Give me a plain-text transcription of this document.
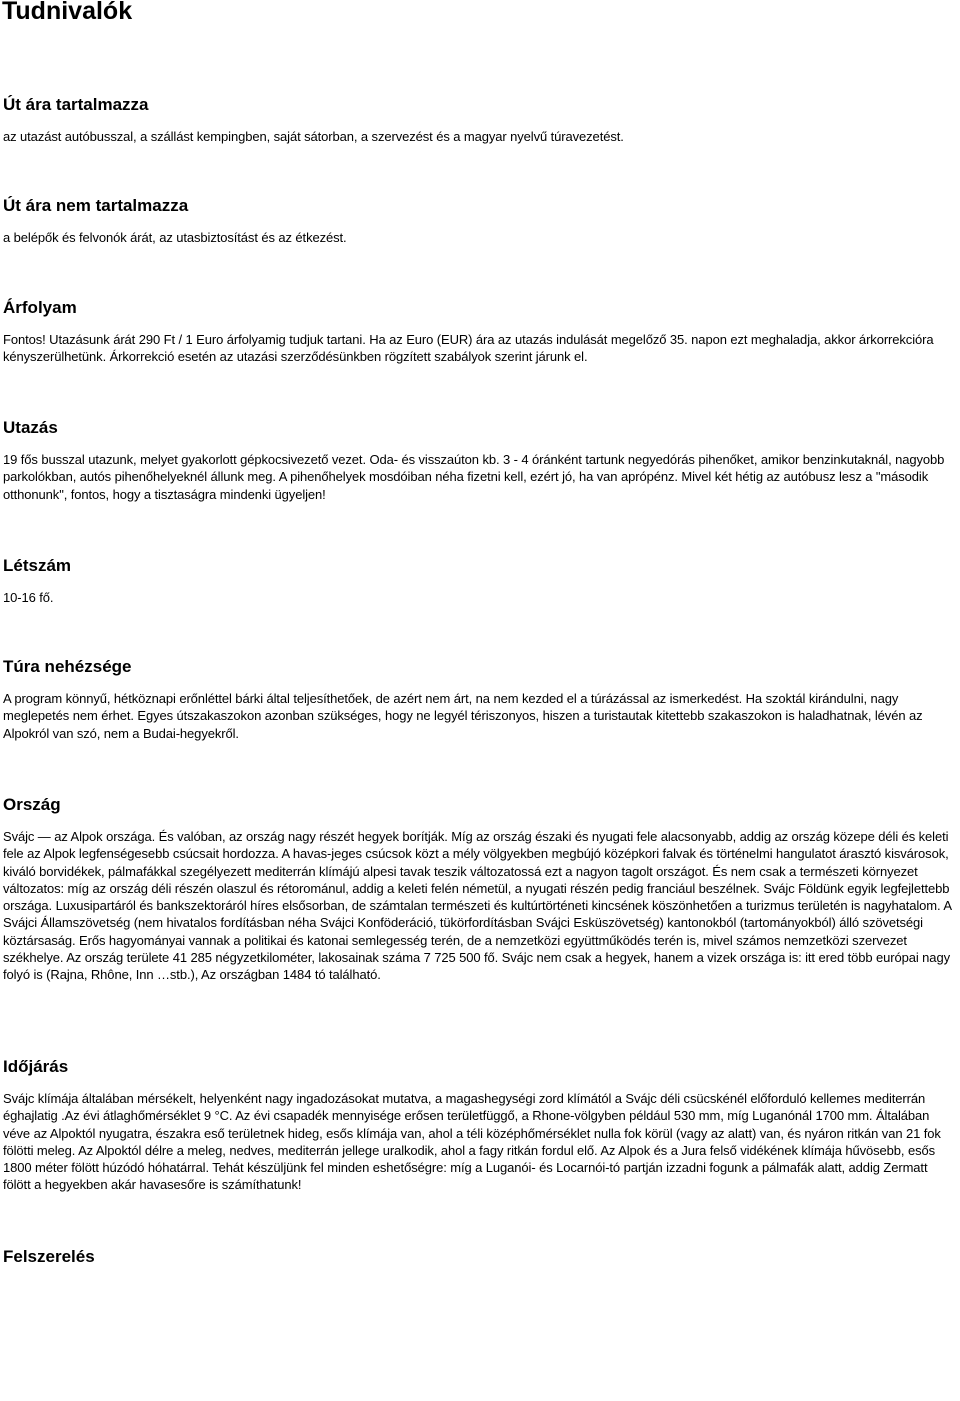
Tudnivalók
Út ára tartalmazza

az utazást autóbusszal, a szállást kempingben, saját sátorban, a szervezést és a magyar nyelvű túravezetést.

Út ára nem tartalmazza

a belépők és felvonók árát, az utasbiztosítást és az étkezést.

Árfolyam

Fontos! Utazásunk árát 290 Ft / 1 Euro árfolyamig tudjuk tartani. Ha az Euro (EUR) ára az utazás indulását megelőző 35. napon ezt meghaladja, akkor árkorrekcióra kényszerülhetünk. Árkorrekció esetén az utazási szerződésünkben rögzített szabályok szerint járunk el.

Utazás

19 fős busszal utazunk, melyet gyakorlott gépkocsivezető vezet. Oda- és visszaúton kb. 3 - 4 óránként tartunk negyedórás pihenőket, amikor benzinkutaknál, nagyobb parkolókban, autós pihenőhelyeknél állunk meg. A pihenőhelyek mosdóiban néha fizetni kell, ezért jó, ha van aprópénz. Mivel két hétig az autóbusz lesz a "második otthonunk", fontos, hogy a tisztaságra mindenki ügyeljen!

Létszám

10-16 fő.

Túra nehézsége

A program könnyű, hétköznapi erőnléttel bárki által teljesíthetőek, de azért nem árt, na nem kezded el a túrázással az ismerkedést. Ha szoktál kirándulni, nagy meglepetés nem érhet. Egyes útszakaszokon azonban szükséges, hogy ne legyél tériszonyos, hiszen a turistautak kitettebb szakaszokon is haladhatnak, lévén az Alpokról van szó, nem a Budai-hegyekről.

Ország

Svájc — az Alpok országa. És valóban, az ország nagy részét hegyek borítják. Míg az ország északi és nyugati fele alacsonyabb, addig az ország közepe déli és keleti fele az Alpok legfenségesebb csúcsait hordozza. A havas-jeges csúcsok közt a mély völgyekben megbújó középkori falvak és történelmi hangulatot árasztó kisvárosok, kiváló borvidékek, pálmafákkal szegélyezett mediterrán klímájú alpesi tavak teszik változatossá ezt a nagyon tagolt országot. És nem csak a természeti környezet változatos: míg az ország déli részén olaszul és rétorománul, addig a keleti felén németül, a nyugati részén pedig franciául beszélnek. Svájc Földünk egyik legfejlettebb országa. Luxusipartáról és bankszektoráról híres elsősorban, de számtalan természeti és kultúrtörténeti kincsének köszönhetően a turizmus területén is nagyhatalom. A Svájci Államszövetség (nem hivatalos fordításban néha Svájci Konföderáció, tükörfordításban Svájci Esküszövetség) kantonokból (tartományokból) álló szövetségi köztársaság. Erős hagyományai vannak a politikai és katonai semlegesség terén, de a nemzetközi együttműködés terén is, mivel számos nemzetközi szervezet székhelye. Az ország területe 41 285 négyzetkilométer, lakosainak száma 7 725 500 fő. Svájc nem csak a hegyek, hanem a vizek országa is: itt ered több európai nagy folyó is (Rajna, Rhône, Inn …stb.), Az országban 1484 tó található.

Időjárás

Svájc klímája általában mérsékelt, helyenként nagy ingadozásokat mutatva, a magashegységi zord klímától a Svájc déli csücskénél előforduló kellemes mediterrán éghajlatig .Az évi átlaghőmérséklet 9 °C. Az évi csapadék mennyisége erősen területfüggő, a Rhone-völgyben például 530 mm, míg Luganónál 1700 mm. Általában véve az Alpoktól nyugatra, északra eső területnek hideg, esős klímája van, ahol a téli középhőmérséklet nulla fok körül (vagy az alatt) van, és nyáron ritkán van 21 fok fölötti meleg. Az Alpoktól délre a meleg, nedves, mediterrán jellege uralkodik, ahol a fagy ritkán fordul elő. Az Alpok és a Jura felső vidékének klímája hűvösebb, esős 1800 méter fölött húzódó hóhatárral. Tehát készüljünk fel minden eshetőségre: míg a Luganói- és Locarnói-tó partján izzadni fogunk a pálmafák alatt, addig Zermatt fölött a hegyekben akár havasesőre is számíthatunk!

Felszerelés
